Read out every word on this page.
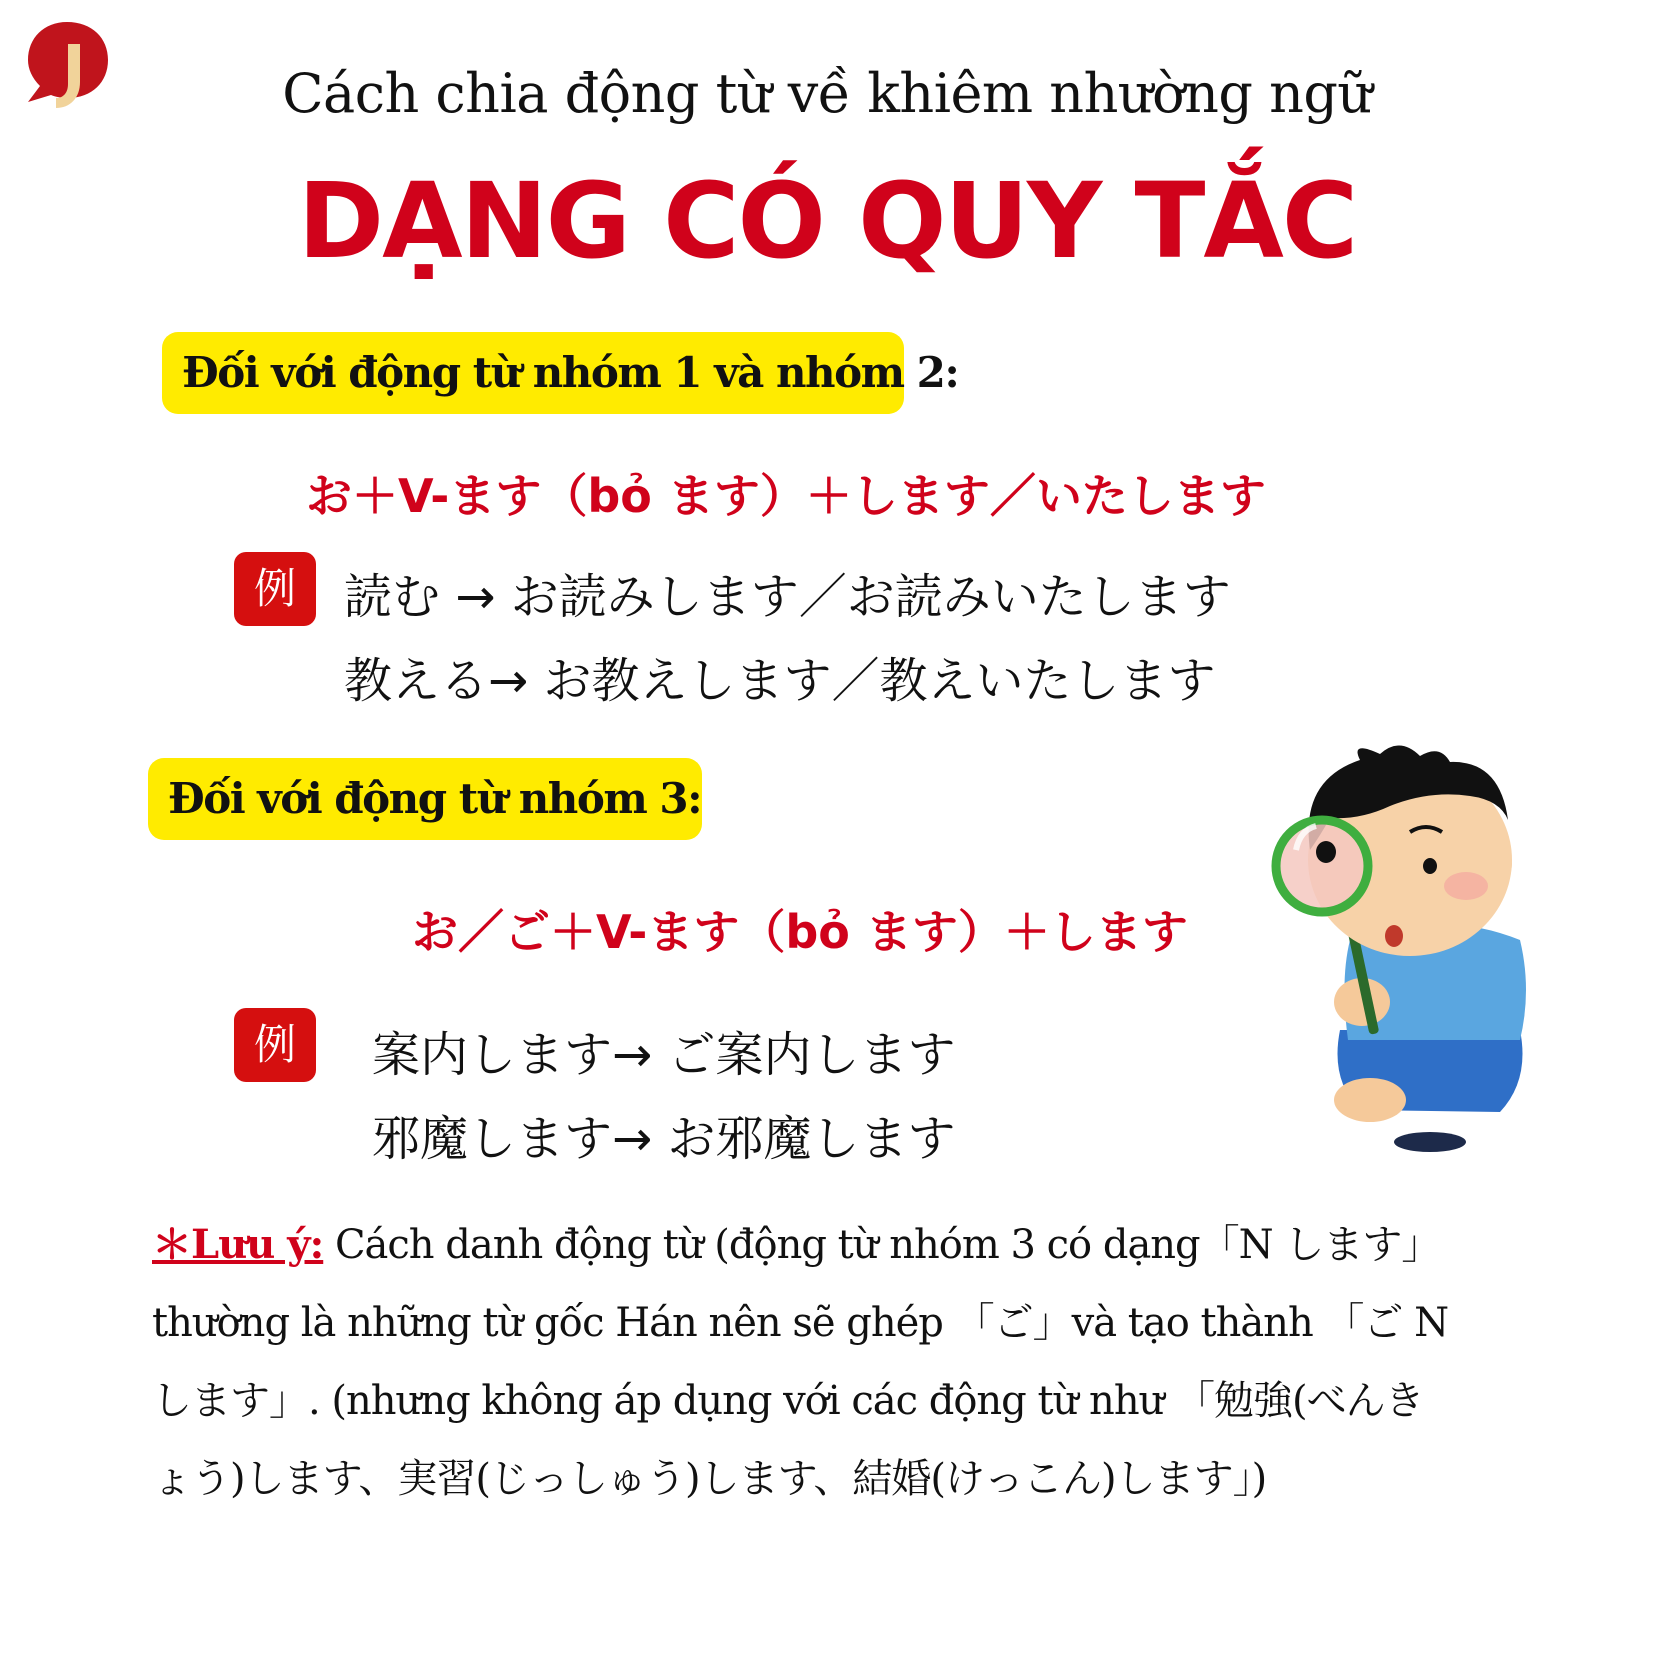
Cách chia động từ về khiêm nhường ngữ
DẠNG CÓ QUY TẮC
Đối với động từ nhóm 1 và nhóm 2:
お＋V-ます（bỏ ます）＋します／いたします
例	読む → お読みします／お読みいたします
教える→ お教えします／教えいたします
Đối với động từ nhóm 3:
お／ご＋V-ます（bỏ ます）＋します
例	案内します→ ご案内します
邪魔します→ お邪魔します
＊Lưu ý: Cách danh động từ (động từ nhóm 3 có dạng「N します」
thường là những từ gốc Hán nên sẽ ghép 「ご」và tạo thành 「ご N
します」. (nhưng không áp dụng với các động từ như 「勉強(べんき
ょう)します、実習(じっしゅう)します、結婚(けっこん)します」)
